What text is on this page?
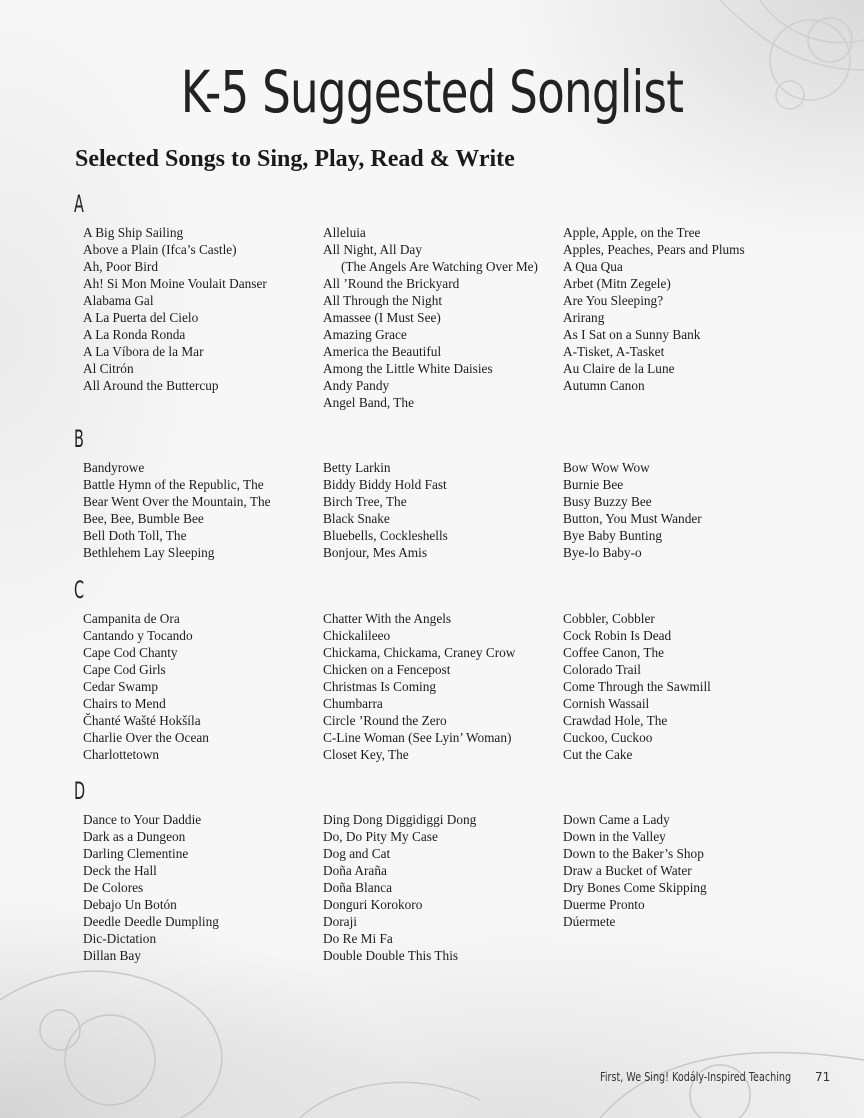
K-5 Suggested Songlist
Selected Songs to Sing, Play, Read & Write
A
A Big Ship Sailing
Above a Plain (Ifca’s Castle)
Ah, Poor Bird
Ah! Si Mon Moine Voulait Danser
Alabama Gal
A La Puerta del Cielo
A La Ronda Ronda
A La Víbora de la Mar
Al Citrón
All Around the Buttercup
Alleluia
All Night, All Day
(The Angels Are Watching Over Me)
All ’Round the Brickyard
All Through the Night
Amassee (I Must See)
Amazing Grace
America the Beautiful
Among the Little White Daisies
Andy Pandy
Angel Band, The
Apple, Apple, on the Tree
Apples, Peaches, Pears and Plums
A Qua Qua
Arbet (Mitn Zegele)
Are You Sleeping?
Arirang
As I Sat on a Sunny Bank
A-Tisket, A-Tasket
Au Claire de la Lune
Autumn Canon
B
Bandyrowe
Battle Hymn of the Republic, The
Bear Went Over the Mountain, The
Bee, Bee, Bumble Bee
Bell Doth Toll, The
Bethlehem Lay Sleeping
Betty Larkin
Biddy Biddy Hold Fast
Birch Tree, The
Black Snake
Bluebells, Cockleshells
Bonjour, Mes Amis
Bow Wow Wow
Burnie Bee
Busy Buzzy Bee
Button, You Must Wander
Bye Baby Bunting
Bye-lo Baby-o
C
Campanita de Ora
Cantando y Tocando
Cape Cod Chanty
Cape Cod Girls
Cedar Swamp
Chairs to Mend
Čhanté Wašté Hokšíla
Charlie Over the Ocean
Charlottetown
Chatter With the Angels
Chickalileeo
Chickama, Chickama, Craney Crow
Chicken on a Fencepost
Christmas Is Coming
Chumbarra
Circle ’Round the Zero
C-Line Woman (See Lyin’ Woman)
Closet Key, The
Cobbler, Cobbler
Cock Robin Is Dead
Coffee Canon, The
Colorado Trail
Come Through the Sawmill
Cornish Wassail
Crawdad Hole, The
Cuckoo, Cuckoo
Cut the Cake
D
Dance to Your Daddie
Dark as a Dungeon
Darling Clementine
Deck the Hall
De Colores
Debajo Un Botón
Deedle Deedle Dumpling
Dic-Dictation
Dillan Bay
Ding Dong Diggidiggi Dong
Do, Do Pity My Case
Dog and Cat
Doña Araña
Doña Blanca
Donguri Korokoro
Doraji
Do Re Mi Fa
Double Double This This
Down Came a Lady
Down in the Valley
Down to the Baker’s Shop
Draw a Bucket of Water
Dry Bones Come Skipping
Duerme Pronto
Dúermete
First, We Sing! Kodály-Inspired Teaching 71
